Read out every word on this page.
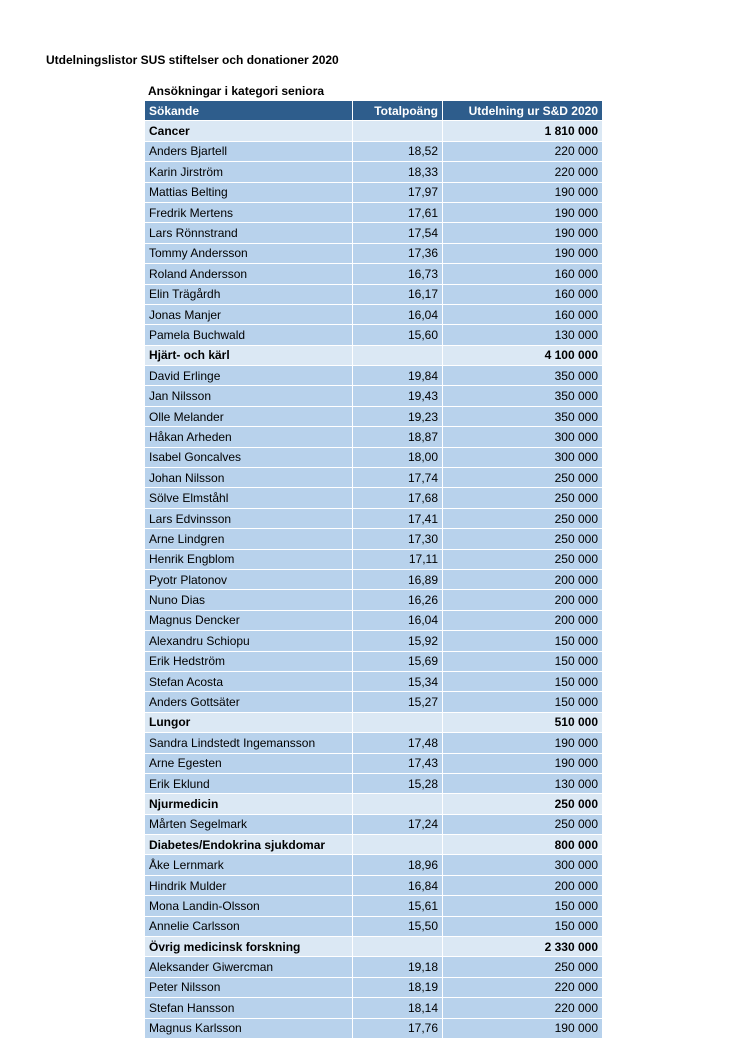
Utdelningslistor SUS stiftelser och donationer 2020
Ansökningar i kategori seniora
Sökande	Totalpoäng	Utdelning ur S&D 2020
Cancer		1 810 000
Anders Bjartell	18,52	220 000
Karin Jirström	18,33	220 000
Mattias Belting	17,97	190 000
Fredrik Mertens	17,61	190 000
Lars Rönnstrand	17,54	190 000
Tommy Andersson	17,36	190 000
Roland Andersson	16,73	160 000
Elin Trägårdh	16,17	160 000
Jonas Manjer	16,04	160 000
Pamela Buchwald	15,60	130 000
Hjärt- och kärl		4 100 000
David Erlinge	19,84	350 000
Jan Nilsson	19,43	350 000
Olle Melander	19,23	350 000
Håkan Arheden	18,87	300 000
Isabel Goncalves	18,00	300 000
Johan Nilsson	17,74	250 000
Sölve Elmståhl	17,68	250 000
Lars Edvinsson	17,41	250 000
Arne Lindgren	17,30	250 000
Henrik Engblom	17,11	250 000
Pyotr Platonov	16,89	200 000
Nuno Dias	16,26	200 000
Magnus Dencker	16,04	200 000
Alexandru Schiopu	15,92	150 000
Erik Hedström	15,69	150 000
Stefan Acosta	15,34	150 000
Anders Gottsäter	15,27	150 000
Lungor		510 000
Sandra Lindstedt Ingemansson	17,48	190 000
Arne Egesten	17,43	190 000
Erik Eklund	15,28	130 000
Njurmedicin		250 000
Mårten Segelmark	17,24	250 000
Diabetes/Endokrina sjukdomar		800 000
Åke Lernmark	18,96	300 000
Hindrik Mulder	16,84	200 000
Mona Landin-Olsson	15,61	150 000
Annelie Carlsson	15,50	150 000
Övrig medicinsk forskning		2 330 000
Aleksander Giwercman	19,18	250 000
Peter Nilsson	18,19	220 000
Stefan Hansson	18,14	220 000
Magnus Karlsson	17,76	190 000
